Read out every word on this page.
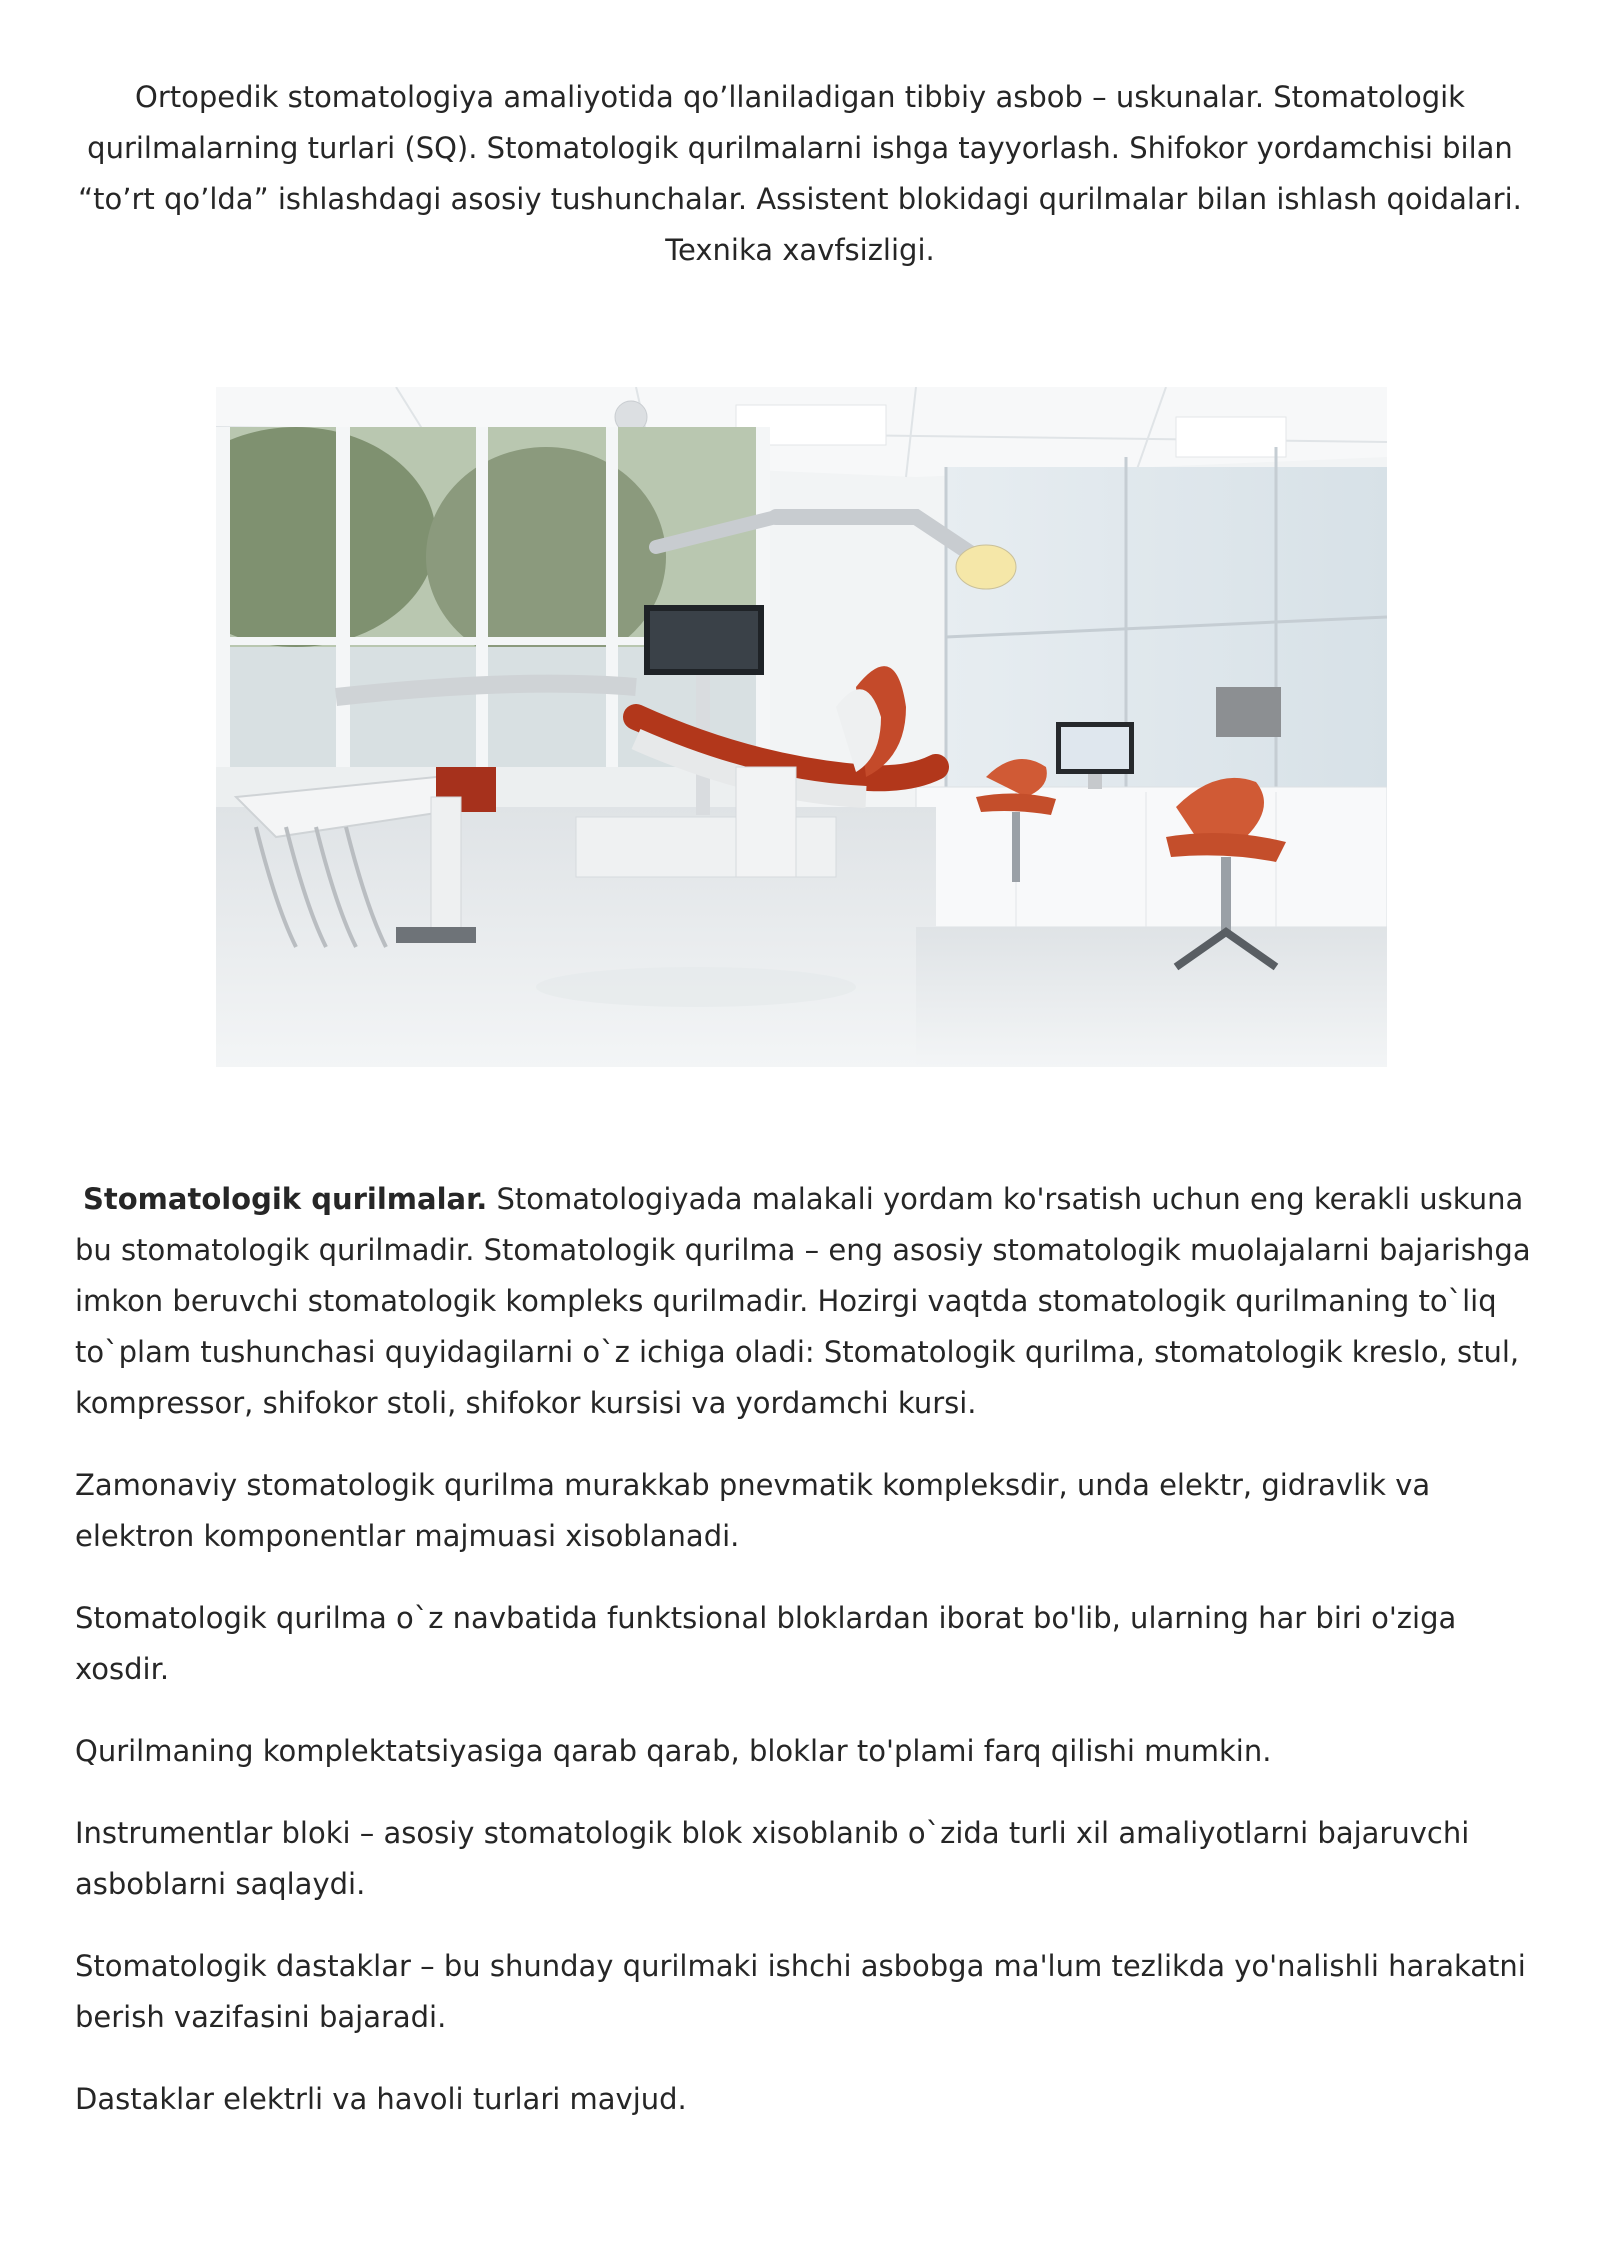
Ortopedik stomatologiya amaliyotida qo’llaniladigan tibbiy asbob – uskunalar. Stomatologik qurilmalarning turlari (SQ). Stomatologik qurilmalarni ishga tayyorlash. Shifokor yordamchisi bilan “to’rt qo’lda” ishlashdagi asosiy tushunchalar. Assistent blokidagi qurilmalar bilan ishlash qoidalari. Texnika xavfsizligi.

Stomatologik qurilmalar. Stomatologiyada malakali yordam ko'rsatish uchun eng kerakli uskuna bu stomatologik qurilmadir. Stomatologik qurilma – eng asosiy stomatologik muolajalarni bajarishga imkon beruvchi stomatologik kompleks qurilmadir. Hozirgi vaqtda stomatologik qurilmaning to`liq to`plam tushunchasi quyidagilarni o`z ichiga oladi: Stomatologik qurilma, stomatologik kreslo, stul, kompressor, shifokor stoli, shifokor kursisi va yordamchi kursi.

Zamonaviy stomatologik qurilma murakkab pnevmatik kompleksdir, unda elektr, gidravlik va elektron komponentlar majmuasi xisoblanadi.

Stomatologik qurilma o`z navbatida funktsional bloklardan iborat bo'lib, ularning har biri o'ziga xosdir.

Qurilmaning komplektatsiyasiga qarab qarab, bloklar to'plami farq qilishi mumkin.

Instrumentlar bloki – asosiy stomatologik blok xisoblanib o`zida turli xil amaliyotlarni bajaruvchi asboblarni saqlaydi.

Stomatologik dastaklar – bu shunday qurilmaki ishchi asbobga ma'lum tezlikda yo'nalishli harakatni berish vazifasini bajaradi.

Dastaklar elektrli va havoli turlari mavjud.
